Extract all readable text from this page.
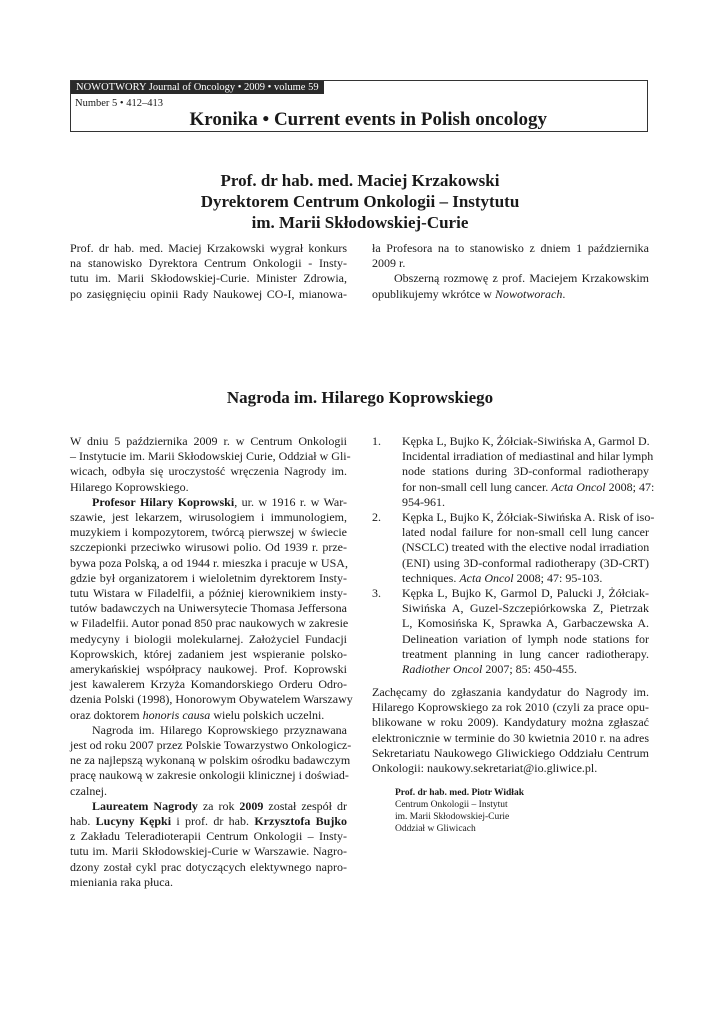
NOWOTWORY Journal of Oncology • 2009 • volume 59
Number 5 • 412–413
Kronika • Current events in Polish oncology
Prof. dr hab. med. Maciej Krzakowski
Dyrektorem Centrum Onkologii – Instytutu
im. Marii Skłodowskiej-Curie
Prof. dr hab. med. Maciej Krzakowski wygrał konkurs
na stanowisko Dyrektora Centrum Onkologii - Insty-
tutu im. Marii Skłodowskiej-Curie. Minister Zdrowia,
po zasięgnięciu opinii Rady Naukowej CO-I, mianowa-
ła Profesora na to stanowisko z dniem 1 października
2009 r.
Obszerną rozmowę z prof. Maciejem Krzakowskim
opublikujemy wkrótce w Nowotworach.
Nagroda im. Hilarego Koprowskiego
W dniu 5 października 2009 r. w Centrum Onkologii
– Instytucie im. Marii Skłodowskiej Curie, Oddział w Gli-
wicach, odbyła się uroczystość wręczenia Nagrody im.
Hilarego Koprowskiego.
Profesor Hilary Koprowski, ur. w 1916 r. w War-
szawie, jest lekarzem, wirusologiem i immunologiem,
muzykiem i kompozytorem, twórcą pierwszej w świecie
szczepionki przeciwko wirusowi polio. Od 1939 r. prze-
bywa poza Polską, a od 1944 r. mieszka i pracuje w USA,
gdzie był organizatorem i wieloletnim dyrektorem Insty-
tutu Wistara w Filadelfii, a później kierownikiem insty-
tutów badawczych na Uniwersytecie Thomasa Jeffersona
w Filadelfii. Autor ponad 850 prac naukowych w zakresie
medycyny i biologii molekularnej. Założyciel Fundacji
Koprowskich, której zadaniem jest wspieranie polsko-
amerykańskiej współpracy naukowej. Prof. Koprowski
jest kawalerem Krzyża Komandorskiego Orderu Odro-
dzenia Polski (1998), Honorowym Obywatelem Warszawy
oraz doktorem honoris causa wielu polskich uczelni.
Nagroda im. Hilarego Koprowskiego przyznawana
jest od roku 2007 przez Polskie Towarzystwo Onkologicz-
ne za najlepszą wykonaną w polskim ośrodku badawczym
pracę naukową w zakresie onkologii klinicznej i doświad-
czalnej.
Laureatem Nagrody za rok 2009 został zespół dr
hab. Lucyny Kępki i prof. dr hab. Krzysztofa Bujko
z Zakładu Teleradioterapii Centrum Onkologii – Insty-
tutu im. Marii Skłodowskiej-Curie w Warszawie. Nagro-
dzony został cykl prac dotyczących elektywnego napro-
mieniania raka płuca.
1. Kępka L, Bujko K, Żółciak-Siwińska A, Garmol D.
Incidental irradiation of mediastinal and hilar lymph
node stations during 3D-conformal radiotherapy
for non-small cell lung cancer. Acta Oncol 2008; 47:
954-961.
2. Kępka L, Bujko K, Żółciak-Siwińska A. Risk of iso-
lated nodal failure for non-small cell lung cancer
(NSCLC) treated with the elective nodal irradiation
(ENI) using 3D-conformal radiotherapy (3D-CRT)
techniques. Acta Oncol 2008; 47: 95-103.
3. Kępka L, Bujko K, Garmol D, Palucki J, Żółciak-
Siwińska A, Guzel-Szczepiórkowska Z, Pietrzak
L, Komosińska K, Sprawka A, Garbaczewska A.
Delineation variation of lymph node stations for
treatment planning in lung cancer radiotherapy.
Radiother Oncol 2007; 85: 450-455.
Zachęcamy do zgłaszania kandydatur do Nagrody im.
Hilarego Koprowskiego za rok 2010 (czyli za prace opu-
blikowane w roku 2009). Kandydatury można zgłaszać
elektronicznie w terminie do 30 kwietnia 2010 r. na adres
Sekretariatu Naukowego Gliwickiego Oddziału Centrum
Onkologii: naukowy.sekretariat@io.gliwice.pl.
Prof. dr hab. med. Piotr Widłak
Centrum Onkologii – Instytut
im. Marii Skłodowskiej-Curie
Oddział w Gliwicach
